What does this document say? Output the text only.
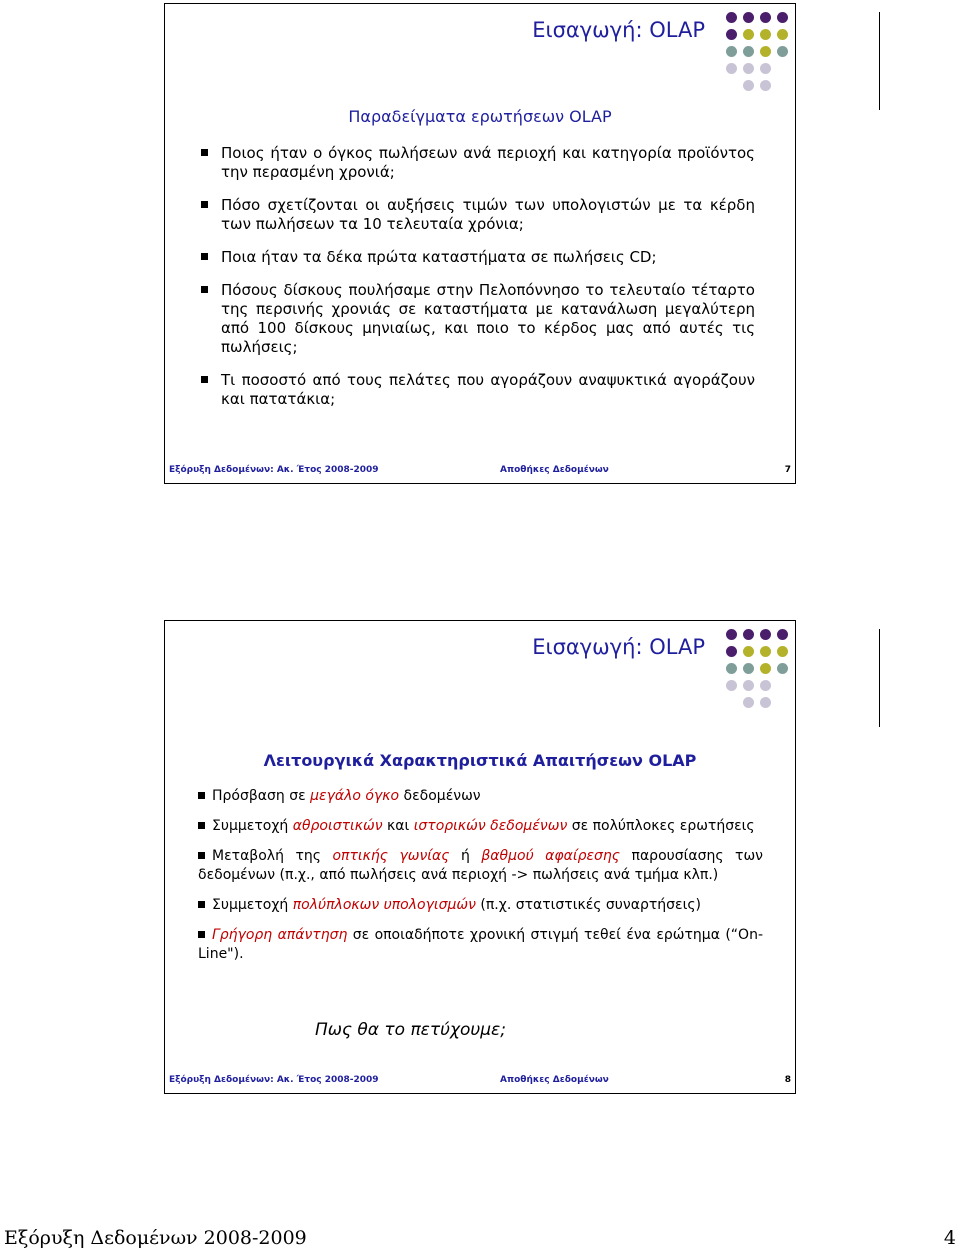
Εισαγωγή: OLAP
Παραδείγματα ερωτήσεων OLAP
Ποιος ήταν ο όγκος πωλήσεων ανά περιοχή και κατηγορία προϊόντος την περασμένη χρονιά;
Πόσο σχετίζονται οι αυξήσεις τιμών των υπολογιστών με τα κέρδη των πωλήσεων τα 10 τελευταία χρόνια;
Ποια ήταν τα δέκα πρώτα καταστήματα σε πωλήσεις CD;
Πόσους δίσκους πουλήσαμε στην Πελοπόννησο το τελευταίο τέταρτο της περσινής χρονιάς σε καταστήματα με κατανάλωση μεγαλύτερη από 100 δίσκους μηνιαίως, και ποιο το κέρδος μας από αυτές τις πωλήσεις;
Τι ποσοστό από τους πελάτες που αγοράζουν αναψυκτικά αγοράζουν και πατατάκια;
Εξόρυξη Δεδομένων: Ακ. Έτος 2008-2009	Αποθήκες Δεδομένων	7
Εισαγωγή: OLAP
Λειτουργικά Χαρακτηριστικά Απαιτήσεων OLAP
Πρόσβαση σε μεγάλο όγκο δεδομένων
Συμμετοχή αθροιστικών και ιστορικών δεδομένων σε πολύπλοκες ερωτήσεις
Μεταβολή της οπτικής γωνίας ή βαθμού αφαίρεσης παρουσίασης των δεδομένων (π.χ., από πωλήσεις ανά περιοχή -> πωλήσεις ανά τμήμα κλπ.)
Συμμετοχή πολύπλοκων υπολογισμών (π.χ. στατιστικές συναρτήσεις)
Γρήγορη απάντηση σε οποιαδήποτε χρονική στιγμή τεθεί ένα ερώτημα (“On-Line").
Πως θα το πετύχουμε;
Εξόρυξη Δεδομένων: Ακ. Έτος 2008-2009	Αποθήκες Δεδομένων	8
Εξόρυξη Δεδομένων 2008-2009	4
